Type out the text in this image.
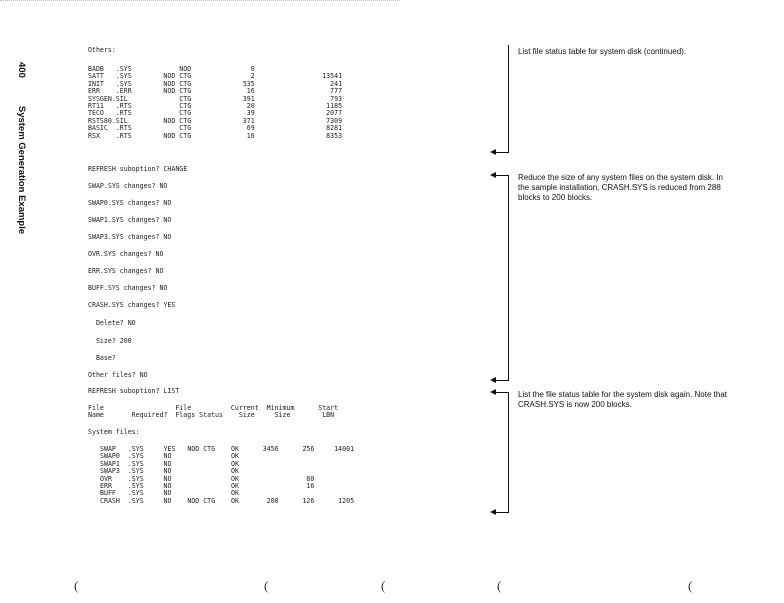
400System Generation Example
Others:
BADB   .SYS            NOD               0
SATT   .SYS        NOD CTG               2                 13541
INIT   .SYS        NOD CTG             535                   241
ERR    .ERR        NOD CTG              16                   777
SYSGEN.SIL             CTG             391                   793
RT11   .RTS            CTG              20                  1185
TECO   .RTS            CTG              39                  2077
RSTS80.SIL         NOD CTG             371                  7309
BASIC  .RTS            CTG              69                  8281
RSX    .RTS        NOD CTG              16                  8353
REFRESH suboption? CHANGE
SWAP.SYS changes? NO
SWAP0.SYS changes? NO
SWAP1.SYS changes? NO
SWAP3.SYS changes? NO
OVR.SYS changes? NO
ERR.SYS changes? NO
BUFF.SYS changes? NO
CRASH.SYS changes? YES
Delete? NO
Size? 200
Base?
Other files? NO
REFRESH suboption? LIST
File                  File          Current  Minimum      Start
Name       Required?  Flags Status    Size     Size        LBN
System files:
SWAP   .SYS     YES   NOD CTG    OK      3456      256     14001
SWAP0  .SYS     NO               OK
SWAP1  .SYS     NO               OK
SWAP3  .SYS     NO               OK
OVR    .SYS     NO               OK                 80
ERR    .SYS     NO               OK                 16
BUFF   .SYS     NO               OK
CRASH  .SYS     NO    NOD CTG    OK       200      126      1205
List file status table for system disk (continued).
Reduce the size of any system files on the system disk. In the sample installation, CRASH.SYS is reduced from 288 blocks to 200 blocks.
List the file status table for the system disk again. Note that CRASH.SYS is now 200 blocks.
(	(	(	(	(
